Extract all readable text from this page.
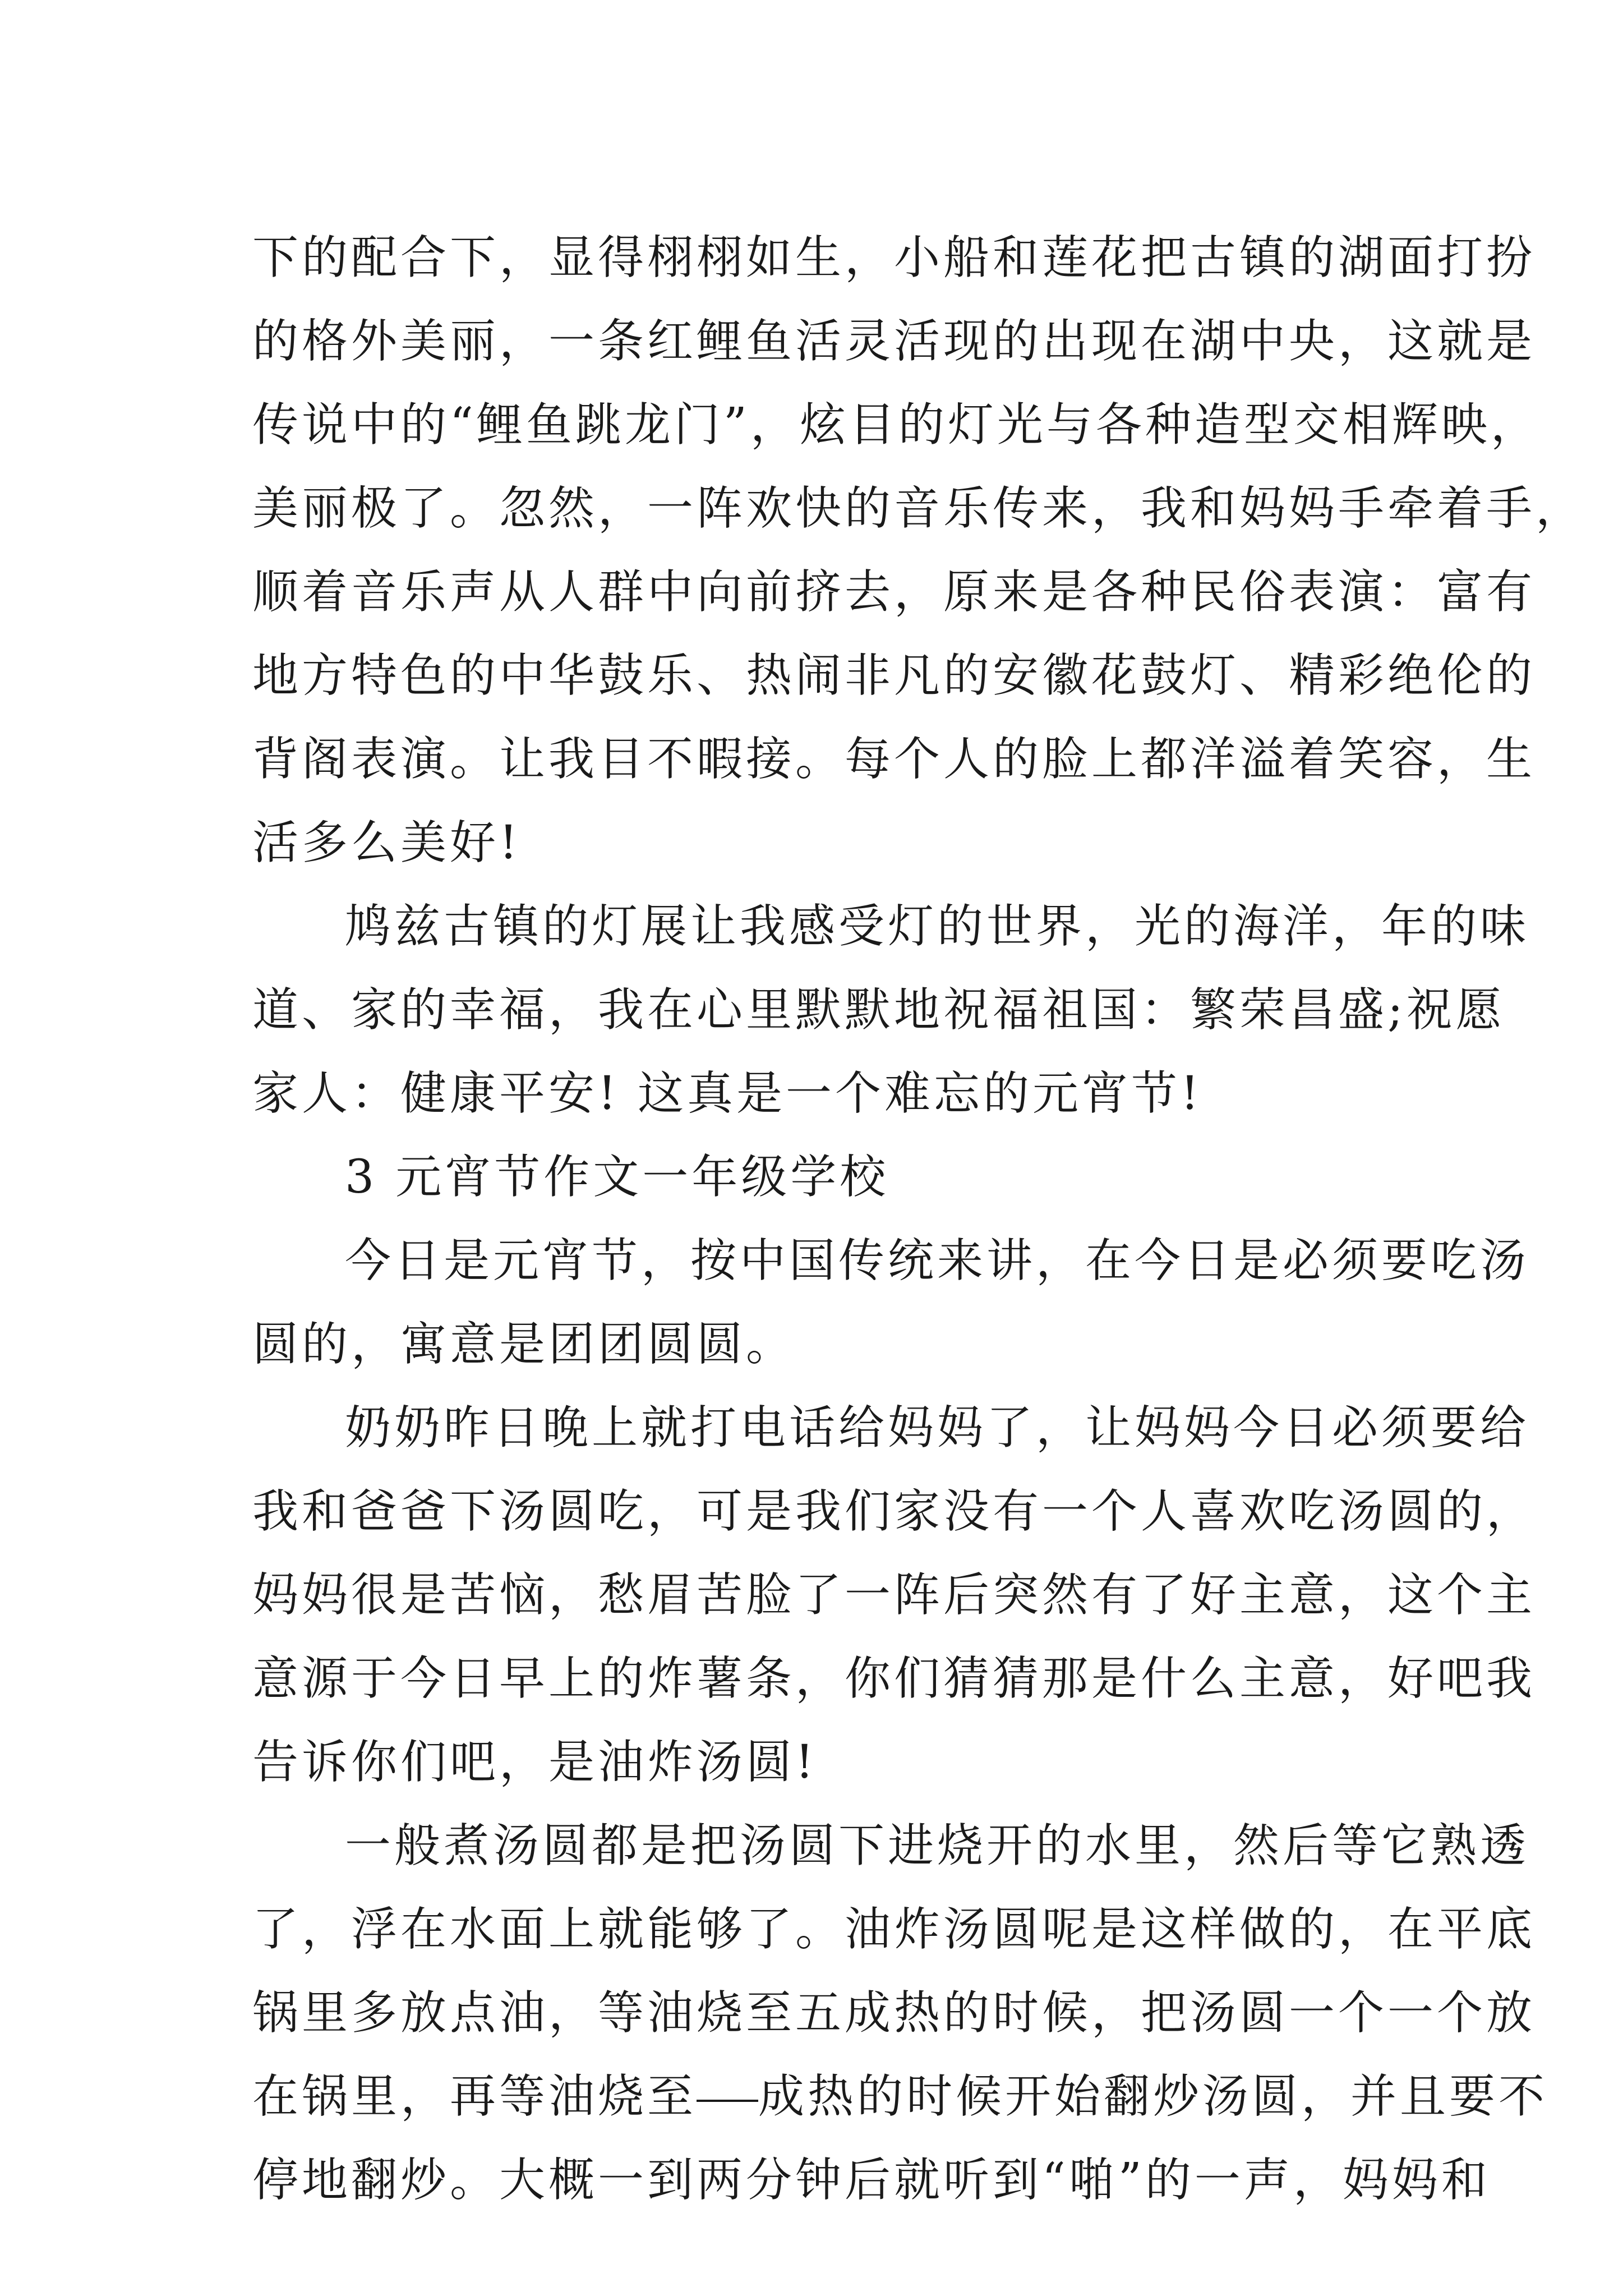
下的配合下，显得栩栩如生，小船和莲花把古镇的湖面打扮
的格外美丽，一条红鲤鱼活灵活现的出现在湖中央，这就是
传说中的“鲤鱼跳龙门”，炫目的灯光与各种造型交相辉映，
美丽极了。忽然，一阵欢快的音乐传来，我和妈妈手牵着手，
顺着音乐声从人群中向前挤去，原来是各种民俗表演：富有
地方特色的中华鼓乐、热闹非凡的安徽花鼓灯、精彩绝伦的
背阁表演。让我目不暇接。每个人的脸上都洋溢着笑容，生
活多么美好!

鸠兹古镇的灯展让我感受灯的世界，光的海洋，年的味
道、家的幸福，我在心里默默地祝福祖国：繁荣昌盛;祝愿
家人：健康平安! 这真是一个难忘的元宵节!

3 元宵节作文一年级学校

今日是元宵节，按中国传统来讲，在今日是必须要吃汤
圆的，寓意是团团圆圆。

奶奶昨日晚上就打电话给妈妈了，让妈妈今日必须要给
我和爸爸下汤圆吃，可是我们家没有一个人喜欢吃汤圆的，
妈妈很是苦恼，愁眉苦脸了一阵后突然有了好主意，这个主
意源于今日早上的炸薯条，你们猜猜那是什么主意，好吧我
告诉你们吧，是油炸汤圆!

一般煮汤圆都是把汤圆下进烧开的水里，然后等它熟透
了，浮在水面上就能够了。油炸汤圆呢是这样做的，在平底
锅里多放点油，等油烧至五成热的时候，把汤圆一个一个放
在锅里，再等油烧至 成热的时候开始翻炒汤圆，并且要不
停地翻炒。大概一到两分钟后就听到“啪”的一声，妈妈和
